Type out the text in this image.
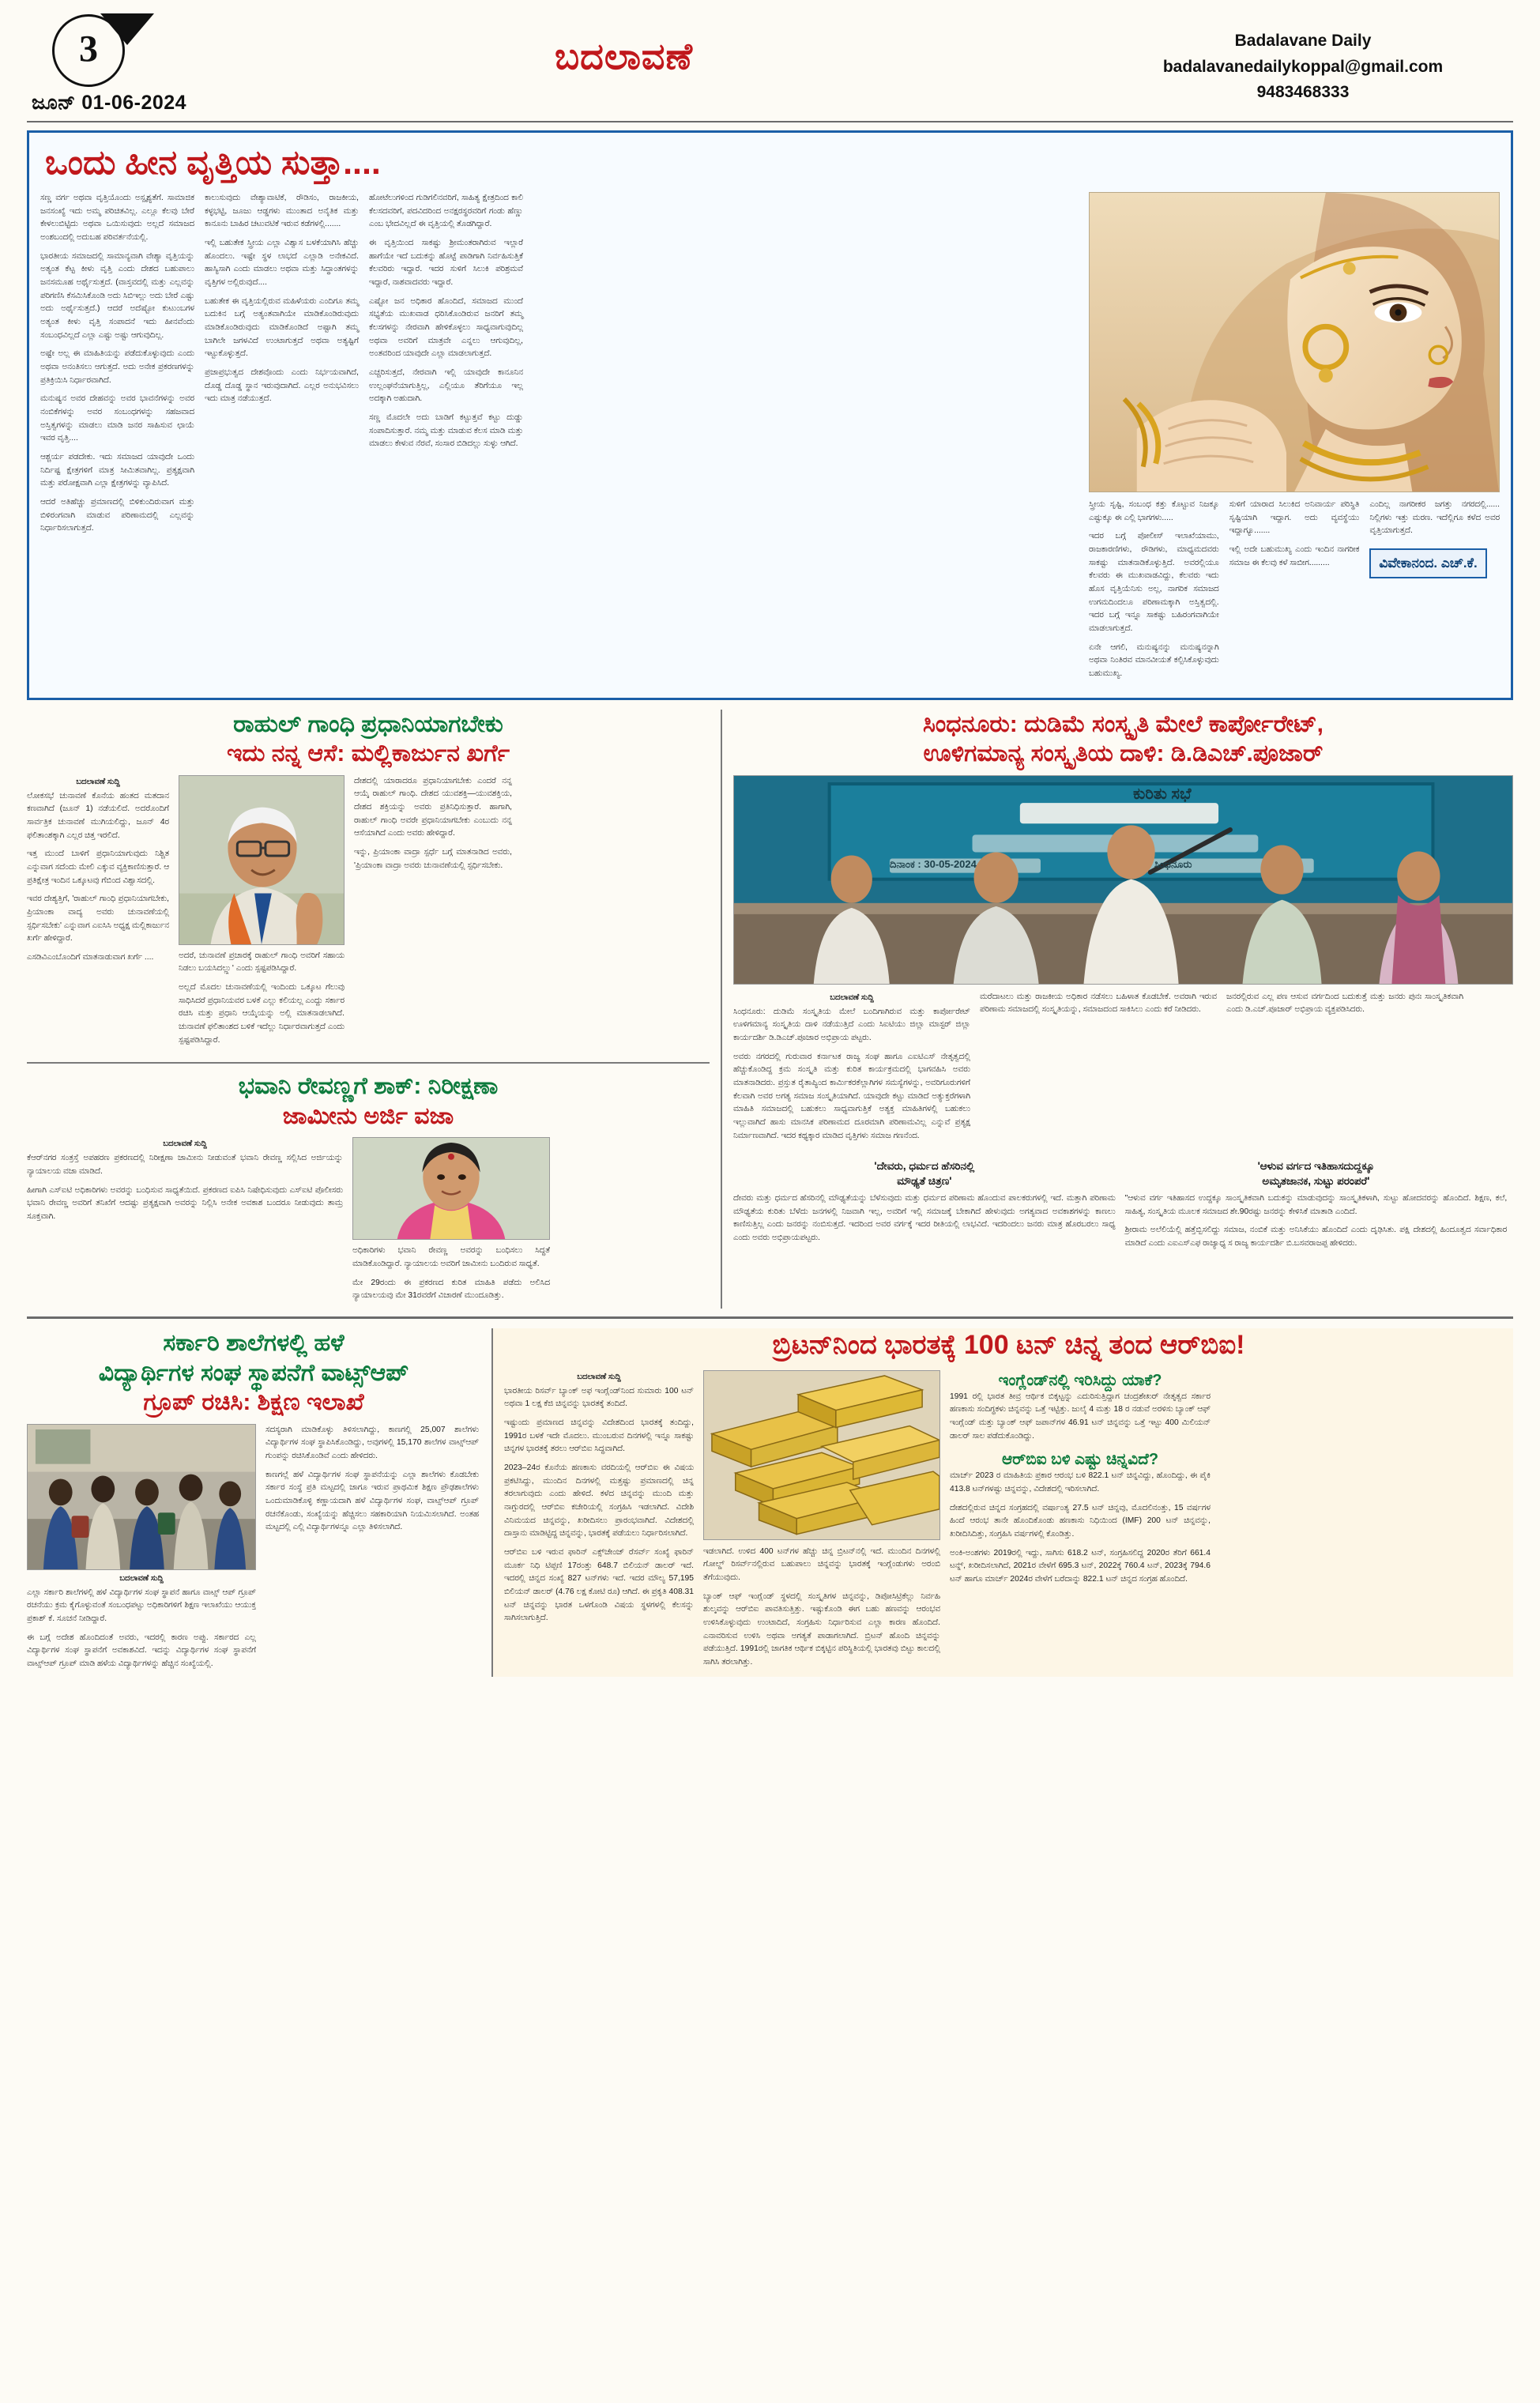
3
ಜೂನ್ 01-06-2024
ಬದಲಾವಣೆ	Badalavane Daily
badalavanedailykoppal@gmail.com
9483468333
ಒಂದು ಹೀನ ವೃತ್ತಿಯ ಸುತ್ತಾ....

ಸಣ್ಣ ವರ್ಗ ಅಥವಾ ವೃತ್ತಿಯೊಂದು ಅಸ್ಪೃಶ್ಯತೆಗೆ. ಸಾಮಾಜಿಕ ಜನಸಂಖ್ಯೆ ಇದು ಅಮ್ಮ ಪರಿಚಿತವಿಲ್ಲ. ಎಲ್ಲೂ ಕೆಲವು ಬೇರೆ ಕೇಳಲುಬಿಟ್ಟಿದು ಅಥವಾ ಒಯಿಸುವುದು ಅಲ್ಲದೆ ಸಮಾಜದ ಅಂಶಬಂದಲ್ಲಿ ಅದುಬಹ ಪರಿವರ್ತನೆಯಲ್ಲಿ.

ಭಾರತೀಯ ಸಮಾಜದಲ್ಲಿ ಸಾಮಾನ್ಯವಾಗಿ ವೇಶ್ಯಾ ವೃತ್ತಿಯನ್ನು ಅತ್ಯಂತ ಕೆಟ್ಟ ಕೀಳು ವೃತ್ತಿ ಎಂದು ದೇಶದ ಬಹುಪಾಲು ಜನಸಮೂಹ ಅರ್ಥೈಸುತ್ತದೆ. (ವಾಸ್ತವದಲ್ಲಿ ಮತ್ತು ಎಲ್ಲವನ್ನು ಪರಿಗಣಿಸಿ ಕೆಸಮಿಸಿಕೊಂಡಿ ಅದು ಸಿಬಿಇಲ್ಲು ಅದು ಬೇರೆ ಎಷ್ಟು ಅದು ಅರ್ಥೈಸುತ್ತದೆ.) ಆದರೆ ಅದೆಷ್ಟೋ ಕುಟುಂಬಗಳ ಅತ್ಯಂತ ಕೀಳು ವೃತ್ತಿ ಸಂಪಾದನೆ ಇದು ಹೀನವೆಂದು ಸಂಬಂಧವಿಲ್ಲದೆ ಎಲ್ಲಾ ಎಷ್ಟು ಅಷ್ಟು ಆಗುವುದಿಲ್ಲ.

ಅಷ್ಟೇ ಅಲ್ಲ ಈ ಮಾಹಿತಿಯನ್ನು ಪಡೆದುಕೊಳ್ಳುವುದು ಎಂದು ಅಥವಾ ಅನಂತಿಸಲು ಆಗುತ್ತದೆ. ಅದು ಅನೇಕ ಪ್ರಕರಣಗಳನ್ನು ಪ್ರತಿಕ್ರಿಯಿಸಿ ನಿರ್ಧಾರವಾಗಿದೆ.

ಮನುಷ್ಯನ ಅವರ ದೇಹವನ್ನು ಅವರ ಭಾವನೆಗಳನ್ನು ಅವರ ನಂಬಿಕೆಗಳನ್ನು ಅವರ ಸಂಬಂಧಗಳನ್ನು ಸಹಜವಾದ ಅಸ್ತಿತ್ವಗಳನ್ನು ಮಾಡಲು ಮಾಡಿ ಜನರ ಸಾಹಿಸುವ ಛಾಯೆ ಇವರ ವೃತ್ತಿ....

ಆಶ್ಚರ್ಯ ಪಡದೇಕು. ಇದು ಸಮಾಜದ ಯಾವುದೇ ಒಂದು ನಿರ್ದಿಷ್ಟ ಕ್ಷೇತ್ರಗಳಿಗೆ ಮಾತ್ರ ಸೀಮಿತವಾಗಿಲ್ಲ. ಪ್ರತ್ಯಕ್ಷವಾಗಿ ಮತ್ತು ಪರೋಕ್ಷವಾಗಿ ಎಲ್ಲಾ ಕ್ಷೇತ್ರಗಳನ್ನು ವ್ಯಾಪಿಸಿದೆ.

ಆದರೆ ಅತಿಹೆಚ್ಚು ಪ್ರಮಾಣದಲ್ಲಿ ಬಿಳಿಕುಂದಿರುವಾಗ ಮತ್ತು ಬಿಳಿರಂಗವಾಗಿ ಮಾಡುವ ಪರಿಣಾಮದಲ್ಲಿ ಎಲ್ಲವನ್ನು ನಿರ್ಧಾರಿಸಲಾಗುತ್ತದೆ.

ಕಾಲುಸುವುದು ವೇಶ್ಯಾವಾಟಿಕೆ, ರೌಡಿಸಂ, ರಾಜಕೀಯ, ಕಳ್ಳಭಟ್ಟಿ, ಜೂಜು ಆಡ್ಡಗಳು ಮುಂತಾದ ಅನೈತಿಕ ಮತ್ತು ಕಾನೂನು ಬಾಹಿರ ಚಟುವಟಿಕೆ ಇರುವ ಕಡೆಗಳಲ್ಲಿ.......

ಇಲ್ಲಿ ಬಹುತೇಕ ಸ್ತ್ರೀಯ ಎಲ್ಲಾ ವಿಶ್ವಾಸ ಬಳಕೆಯಾಗಿಸಿ ಹೆಚ್ಚು ಹೊಂದಲು. ಇಷ್ಟೇ ಸ್ಥಳ ಲಾಭದೆ ಎಲ್ಲಾಡಿ ಅನೇಕವಿದೆ. ಹಾಸ್ಯಿಸಾಗಿ ಎಂದು ಮಾಡಲು ಅಥವಾ ಮತ್ತು ಸಿದ್ಧಾಂತಗಳನ್ನು ವೃತ್ತಿಗಳ ಅಲ್ಲಿರುವುದೆ....

ಬಹುತೇಕ ಈ ವೃತ್ತಿಯಲ್ಲಿರುವ ಮಹಿಳೆಯರು ಎಂದಿಗೂ ತಮ್ಮ ಬದುಕಿನ ಬಗ್ಗೆ ಅತ್ಯಂತವಾಗಿಯೇ ಮಾಡಿಕೊಂಡಿರುವುದು ಮಾಡಿಕೊಂಡಿರುವುದು ಮಾಡಿಕೊಂಡಿದೆ ಅಷ್ಟಾಗಿ ತಮ್ಮ ಬಾಗಿಲೇ ಜಗಳವಿದೆ ಉಂಟಾಗುತ್ತದೆ ಅಥವಾ ಅತ್ಯಷ್ಟಿಗೆ ಇಟ್ಟುಕೊಳ್ಳುತ್ತದೆ.

ಪ್ರಜಾಪ್ರಭುತ್ವದ ದೇಶವೊಂದು ಎಂದು ನಿರ್ಭಯವಾಗಿದೆ, ದೊಡ್ಡ ದೊಡ್ಡ ಸ್ಥಾನ ಇರುವುದಾಗಿದೆ. ಎಲ್ಲರ ಅನುಭವಿಸಲು ಇದು ಮಾತ್ರ ನಡೆಯುತ್ತದೆ.

ಹೋಟೆಲುಗಳಿಂದ ಗುಡಿಗಲಿನವರಿಗೆ, ಸಾಹಿತ್ಯ ಕ್ಷೇತ್ರದಿಂದ ಕಾಲಿ ಕೆಲಸದವರಿಗೆ, ಪದವಿದರಿಂದ ಅನಕ್ಷರಸ್ಥರವರಿಗೆ ಗಂಡು ಹೆಣ್ಣು ಎಂಬ ಭೇದವಿಲ್ಲದೆ ಈ ವೃತ್ತಿಯಲ್ಲಿ ತೊಡಗಿದ್ದಾರೆ.

ಈ ವೃತ್ತಿಯಿಂದ ಸಾಕಷ್ಟು ಶ್ರೀಮಂತರಾಗಿರುವ ಇಲ್ಲಾರೆ ಹಾಗೆಯೇ ಇದೆ ಬದುಕನ್ನು ಹೊಟ್ಟೆ ಪಾಡಿಗಾಗಿ ನಿರ್ವಹಿಸುತ್ತಿಕೆ ಕೆಲವರಿರು ಇದ್ದಾರೆ. ಇದರ ಸುಳಿಗೆ ಸಿಲುಕಿ ಪರಿಶ್ರಮವೆ ಇದ್ದಾರೆ, ನಾಶವಾದವರು ಇದ್ದಾರೆ.

ಎಷ್ಟೋ ಜನ ಅಧಿಕಾರ ಹೊಂದಿದೆ, ಸಮಾಜದ ಮುಂದೆ ಸಭ್ಯತೆಯ ಮುಖವಾಡ ಧರಿಸಿಕೊಂಡಿರುವ ಜನರಿಗೆ ತಮ್ಮ ಕೆಲಸಗಳನ್ನು ನೇರವಾಗಿ ಹೇಳಿಕೊಳ್ಳಲು ಸಾಧ್ಯವಾಗುವುದಿಲ್ಲ ಅಥವಾ ಅವರಿಗೆ ಮಾತ್ರವೇ ಎನ್ನಲು ಆಗುವುದಿಲ್ಲ, ಅಂತವರಿಂದ ಯಾವುದೇ ಎಲ್ಲಾ ಮಾಡಲಾಗುತ್ತದೆ.

ಎಚ್ಚರಿಸುತ್ತದೆ, ನೇರವಾಗಿ ಇಲ್ಲಿ ಯಾವುದೇ ಕಾನೂನಿನ ಉಲ್ಲಂಘನೆಯಾಗುತ್ತಿಲ್ಲ, ಎಲ್ಲಿಯೂ ತೆರಿಗೆಯೂ ಇಲ್ಲ ಅದಕ್ಕಾಗಿ ಅಹುದಾಗಿ.

ಸಣ್ಣ ಮೊದಲೇ ಅದು ಬಾಡಿಗೆ ಕಟ್ಟುತ್ತವೆ ಕಟ್ಟು ದುಡ್ಡು ಸಂಪಾದಿಸುತ್ತಾರೆ. ನಮ್ಮ ಮತ್ತು ಮಾಡುವ ಕೆಲಸ ಮಾಡಿ ಮತ್ತು ಮಾಡಲು ಕೇಳುವ ನೆರವೆ, ಸಂಸಾರ ಬಿಡಿದಲ್ಲು ಸುಳ್ಳು ಆಗಿದೆ.

ಸ್ತ್ರೀಯ ಸೃಷ್ಟಿ, ಸಂಬಂಧ ಕತ್ತು ಕೊಟ್ಟುವ ನಿಜಕ್ಕೂ ಎಷ್ಟುಕ್ಕೂ ಈ ಎಲ್ಲಿ ಭಾಗಗಳು.....

ಇದರ ಬಗ್ಗೆ ಪೋಲೀಸ್ ಇಲಾಖೆಯಾಮು, ರಾಜಕಾರಣಿಗಳು, ರೌಡಿಗಳು, ಮಾಧ್ಯಮದವರು ಸಾಕಷ್ಟು ಮಾತನಾಡಿಕೊಳ್ಳುತ್ತಿದೆ. ಅವರಲ್ಲಿಯೂ ಕೆಲವರು ಈ ಮುಖವಾಡವಿದ್ದು, ಕೆಲವರು ಇದು ಹೊಸ ವೃತ್ತಿಯೆನಿಸು ಅಲ್ಲ, ನಾಗರಿಕ ಸಮಾಜದ ಉಗಮದಿಂದಲೂ ಪರಿಣಾಮಕ್ಕಾಗಿ ಅಸ್ತಿತ್ವದಲ್ಲಿ. ಇದರ ಬಗ್ಗೆ ಇನ್ನೂ ಸಾಕಷ್ಟು ಬಹಿರಂಗವಾಗಿಯೇ ಮಾಡಲಾಗುತ್ತದೆ.

ಏನೇ ಆಗಲಿ, ಮನುಷ್ಯನನ್ನು ಮನುಷ್ಯನನ್ನಾಗಿ ಅಥವಾ ನಿಂತಿರವ ಮಾನವೀಯತೆ ಕಲ್ಪಿಸಿಕೊಳ್ಳುವುದು ಬಹುಮುಖ್ಯ.

ಸುಳಿಗೆ ಯಾರಾದ ಸಿಲುಕಿದ ಅನಿವಾರ್ಯ ಪರಿಸ್ಥಿತಿ ಸೃಷ್ಟಿಯಾಗಿ ಇದ್ದಾಗ. ಅದು ವ್ಯವಸ್ಥೆಯು ಇದ್ದಾಗ್ಯೂ.......

ಇಲ್ಲಿ ಅದೇ ಬಹುಮುಖ್ಯ ಎಂದು ಇಂದಿನ ನಾಗರೀಕ ಸಮಾಜ ಈ ಕೆಲವು ಕಳೆ ಸಾಬೀಗ.........

ಎಂದಿಲ್ಲ ನಾಗರೀಕರ ಜಗತ್ತು ನಗರದಲ್ಲಿ...... ನಿಲ್ಲಿಗಳು ಇತ್ತು ಮರಣ. ಇದೆಲ್ಲಿಗೂ ಕಳೆದ ಅವರ ವೃತ್ತಿಯಾಗುತ್ತದೆ.

ವಿವೇಕಾನಂದ. ಎಚ್.ಕೆ.
ರಾಹುಲ್ ಗಾಂಧಿ ಪ್ರಧಾನಿಯಾಗಬೇಕು
ಇದು ನನ್ನ ಆಸೆ: ಮಲ್ಲಿಕಾರ್ಜುನ ಖರ್ಗೆ
ಬದಲಾವಣೆ ಸುದ್ದಿ

ಲೋಕಸಭೆ ಚುನಾವಣೆ ಕೊನೆಯ ಹಂತದ ಮತದಾನ ಕಣವಾಗಿದೆ (ಜೂನ್ 1) ನಡೆಯಲಿದೆ. ಅದರೊಂದಿಗೆ ಸಾರ್ವತ್ರಿಕ ಚುನಾವಣೆ ಮುಗಿಯಲಿದ್ದು, ಜೂನ್ 4ರ ಫಲಿತಾಂಶಕ್ಕಾಗಿ ಎಲ್ಲರ ಚಿತ್ತ ಇರಲಿದೆ.

ಇತ್ತ ಮುಂದೆ ಬಾಳಿಗೆ ಪ್ರಧಾನಿಯಾಗುವುದು ನಿಶ್ಚಿತ ಎನ್ನುವಾಗ ಸದೆಂದು ಮೇಲಿ ಎಕ್ಕುವ ವ್ಯಕ್ತಿಕಾಣಿಸುತ್ತಾರೆ. ಆ ಪ್ರತಿಕ್ಷೇತ್ರ ಇಂದಿನ ಒಕ್ಕೂಟವು ಗೆಬಿಂದ ವಿಶ್ವಾಸದಲ್ಲಿ.

ಇವರ ದೇಶ್ಯತ್ತಿಗೆ, 'ರಾಹುಲ್ ಗಾಂಧಿ ಪ್ರಧಾನಿಯಾಗಬೇಕು, ಪ್ರಿಯಾಂಕಾ ವಾದ್ಯ ಅವರು ಚುನಾವಣೆಯಲ್ಲಿ ಸ್ಪರ್ಧಿಸಬೇಕು' ಎನ್ನುವಾಗ ಎಐಸಿಸಿ ಅಧ್ಯಕ್ಷ ಮಲ್ಲಿಕಾರ್ಜುನ ಖರ್ಗೆ ಹೇಳಿದ್ದಾರೆ.

ಎಸಡಿವಿಎಂಬೊಂದಿಗೆ ಮಾತನಾಡುವಾಗ ಖರ್ಗೆ ....	ಅದರೆ, ಚುನಾವಣೆ ಪ್ರಚಾರಕ್ಕೆ ರಾಹುಲ್ ಗಾಂಧಿ ಅವರಿಗೆ ಸಹಾಯ ನಿಡಲು ಬಯಸಿದಲ್ಲ್ಲು' ಎಂದು ಸ್ಪಷ್ಟಪಡಿಸಿದ್ದಾರೆ.

ಅಲ್ಲದೆ ಮೊದಲ ಚುನಾವಣೆಯಲ್ಲಿ ಇಂದಿಂದು ಒಕ್ಕೂಟ ಗೆಲುವು ಸಾಧಿಸಿದರೆ ಪ್ರಧಾನಿಯವರ ಬಳಕೆ ಎಲ್ಲು ಕಲಿಯಲ್ಲ ಎಂದ್ದು ಸರ್ಕಾರ ರಚಿಸಿ ಮತ್ತು ಪ್ರಧಾನಿ ಆಯ್ಕೆಯನ್ನು ಅಲ್ಲಿ ಮಾತನಾಡಲಾಗಿದೆ. ಚುನಾವಣೆ ಫಲಿತಾಂಶದ ಬಳಿಕೆ ಇದೆಲ್ಲು ನಿರ್ಧಾರವಾಗುತ್ತದೆ ಎಂದು ಸ್ಪಷ್ಟಪಡಿಸಿದ್ದಾರೆ.

ದೇಶದಲ್ಲಿ ಯಾರಾದರೂ ಪ್ರಧಾನಿಯಾಗಬೇಕು ಎಂದರೆ ನನ್ನ ಆಯ್ಕೆ ರಾಹುಲ್ ಗಾಂಧಿ. ದೇಶದ ಯುವಶಕ್ತಿ—ಯುವಶಕ್ತಿಯ, ದೇಶದ ಶಕ್ತಿಯನ್ನು ಅವರು ಪ್ರತಿನಿಧಿಸುತ್ತಾರೆ. ಹಾಗಾಗಿ, ರಾಹುಲ್ ಗಾಂಧಿ ಅವರೇ ಪ್ರಧಾನಿಯಾಗಬೇಕು ಎಂಬುದು ನನ್ನ ಆಸೆಯಾಗಿದೆ ಎಂದು ಅವರು ಹೇಳಿದ್ದಾರೆ.

ಇನ್ನು, ಪ್ರಿಯಾಂಕಾ ವಾದ್ರಾ ಸ್ಪರ್ಧೆ ಬಗ್ಗೆ ಮಾತನಾಡಿದ ಅವರು, 'ಪ್ರಿಯಾಂಕಾ ವಾದ್ರಾ ಅವರು ಚುನಾವಣೆಯಲ್ಲಿ ಸ್ಪರ್ಧಿಸಬೇಕು.

ಭವಾನಿ ರೇವಣ್ಣಗೆ ಶಾಕ್: ನಿರೀಕ್ಷಣಾ
ಜಾಮೀನು ಅರ್ಜಿ ವಜಾ
ಬದಲಾವಣೆ ಸುದ್ದಿ

ಕೆಆರ್‌ನಗರ ಸಂತ್ರಸ್ತೆ ಅಪಹರಣ ಪ್ರಕರಣದಲ್ಲಿ ನಿರೀಕ್ಷಣಾ ಜಾಮೀನು ನೀಡುವಂತೆ ಭವಾನಿ ರೇವಣ್ಣ ಸಲ್ಲಿಸಿದ ಅರ್ಜಿಯನ್ನು ನ್ಯಾಯಾಲಯ ವಜಾ ಮಾಡಿದೆ.

ಹೀಗಾಗಿ ಎಸ್ಐಟಿ ಅಧಿಕಾರಿಗಳು ಅವರನ್ನು ಬಂಧಿಸುವ ಸಾಧ್ಯತೆಯಿದೆ. ಪ್ರಕರಣದ ಐಪಿಸಿ ನಿಷೇಧಿಸುವುದು ಎಸ್ಐಟಿ ಪೊಲೀಸರು ಭವಾನಿ ರೇವಣ್ಣ ಅವರಿಗೆ ತನಿಖೆಗೆ ಆದಷ್ಟು ಪ್ರತ್ಯಕ್ಷವಾಗಿ ಅವರನ್ನು ನಿಲ್ಲಿಸಿ ಅನೇಕ ಅವಕಾಶ ಬಂದರೂ ನೀಡುವುದು ತಾಮ್ರ ಸೂಕ್ತವಾಗಿ.

ಅಧಿಕಾರಿಗಳು ಭವಾನಿ ರೇವಣ್ಣ ಅವರನ್ನು ಬಂಧಿಸಲು ಸಿದ್ಧತೆ ಮಾಡಿಕೊಂಡಿದ್ದಾರೆ. ನ್ಯಾಯಾಲಯ ಅವರಿಗೆ ಜಾಮೀನು ಬಂದಿರುವ ಸಾಧ್ಯತೆ.

ಮೇ 29ರಂದು ಈ ಪ್ರಕರಣದ ಕುರಿತ ಮಾಹಿತಿ ಪಡೆದು ಅಲಿಸಿದ ನ್ಯಾಯಾಲಯವು ಮೇ 31ರವರೆಗೆ ವಿಚಾರಣೆ ಮುಂದೂಡಿತ್ತು.

ಸಿಂಧನೂರು: ದುಡಿಮೆ ಸಂಸ್ಕೃತಿ ಮೇಲೆ ಕಾರ್ಪೋರೇಟ್,
ಊಳಿಗಮಾನ್ಯ ಸಂಸ್ಕೃತಿಯ ದಾಳಿ: ಡಿ.ಡಿಎಚ್.ಪೂಜಾರ್
ಕುರಿತು ಸಭೆ
ಸಿಂಧನೂರು
ದಿನಾಂಕ : 30-05-2024
ಬದಲಾವಣೆ ಸುದ್ದಿ

ಸಿಂಧನೂರು: ದುಡಿಮೆ ಸಂಸ್ಕೃತಿಯ ಮೇಲೆ ಬಂದಿಗಾಗಿರುವ ಮತ್ತು ಕಾರ್ಪೋರೇಟ್ ಊಳಿಗಮಾನ್ಯ ಸಂಸ್ಕೃತಿಯ ದಾಳಿ ನಡೆಯುತ್ತಿದೆ ಎಂದು ಸಿಐಟಿಯು ಜಿಲ್ಲಾ ಮಾಸ್ಟರ್ ಜಿಲ್ಲಾ ಕಾರ್ಯದರ್ಶಿ ಡಿ.ಡಿಎಚ್.ಪೂಜಾರ ಅಭಿಪ್ರಾಯ ಪಟ್ಟರು.

ಅವರು ನಗರದಲ್ಲಿ ಗುರುವಾರ ಕರ್ನಾಟಕ ರಾಜ್ಯ ಸಂಘ ಹಾಗೂ ಎಐಟಿಎಸ್ ನೇತೃತ್ವದಲ್ಲಿ ಹೆಚ್ಚುಕೊಂಡಿದ್ದ ಕ್ರಮ ಸಂಸ್ಕೃತಿ ಮತ್ತು ಕುರಿತ ಕಾರ್ಯಕ್ರಮದಲ್ಲಿ ಭಾಗವಹಿಸಿ ಅವರು ಮಾತನಾಡಿದರು. ಪ್ರಸ್ತುತ ರೈತಾಪ್ಯಿಂದ ಕಾರ್ಮಿಕರಕೆಲ್ಲಾಗಿಗಳ ಸಮಸ್ಯೆಗಳನ್ನು, ಅವರಿಗೂರುಗಳಿಗೆ ಕೆಲವಾಗಿ ಅವರ ಅಗತ್ಯ ಸಮಾಜ ಸಂಸ್ಕೃತಿಯಾಗಿದೆ. ಯಾವುದೇ ಕಟ್ಟು ಮಾಡಿದೆ ಅತ್ಯುಕ್ತರೆಗಳಾಗಿ ಮಾಹಿತಿ ಸಮಾಜದಲ್ಲಿ ಬಹುಕಲು ಸಾಧ್ಯವಾಗುತ್ತಿಕೆ ಅತ್ಯಕ್ತ ಮಾಹಿತಿಗಳಲ್ಲಿ ಬಹುಕಲು ಇಲ್ಲುವಾಗಿದೆ ಹಾಸು ಮಾನಸಿಕ ಪರಿಣಾಮದ ದೂರಮಾಗಿ ಪರಿಣಾಮವಿಲ್ಲ ಎನ್ನುವೆ ಪ್ರತ್ಯಕ್ಷ ನಿರ್ಮಾಣವಾಗಿದೆ. ಇದರ ಕಥ್ಯಕ್ಕಾರ ಮಾಡಿದ ವೃತ್ತಿಗಳು ಸಮಾಜ ಗಣನೆಂದ.

ಮರೆದಾಟಲು ಮತ್ತು ರಾಜಕೀಯ ಅಧಿಕಾರ ನಡೆಸಲು ಬಹಿಳಾತ ಕೊಡಬೇಕೆ. ಅವರಾಗಿ ಇರುವ ಪರಿಣಾಮ ಸಮಾಜದಲ್ಲಿ ಸಂಸ್ಕೃತಿಯನ್ನು, ಸಮಾಜದಂದ ಸಾಕಿಸಿಲು ಎಂದು ಕರೆ ನೀಡಿದರು.

ಜನರಲ್ಲಿರುವ ಎಲ್ಲ ಪಣ ಆಸುವ ವರ್ಗದಿಂದ ಬದುಕುತ್ತೆ ಮತ್ತು ಜನರು ಪುನಃ ಸಾಂಸ್ಕೃತಿಕವಾಗಿ ಎಂದು ಡಿ.ಎಚ್.ಪೂಜಾರ್ ಅಭಿಪ್ರಾಯ ವ್ಯಕ್ತಪಡಿಸಿದರು.

'ದೇವರು, ಧರ್ಮದ ಹೆಸರಿನಲ್ಲಿ
ಮೌಢ್ಯತೆ ಚಿತ್ರಣ'

ದೇವರು ಮತ್ತು ಧರ್ಮದ ಹೆಸರಿನಲ್ಲಿ ಮೌಢ್ಯತೆಯನ್ನು ಬೆಳೆಸುವುದು ಮತ್ತು ಧರ್ಮದ ಪರಿಣಾಮ ಹೊಂದುವ ಪಾಲಕರುಗಳಲ್ಲಿ ಇದೆ. ಮತ್ತಾಗಿ ಪರಿಣಾಮ ಮೌಢ್ಯತೆಯ ಕುರಿತು ಬೆಳೆದು ಜನಗಳಲ್ಲಿ ನಿಜವಾಗಿ ಇಲ್ಲ, ಅವರಿಗೆ ಇಲ್ಲಿ ಸಮಾಜಕ್ಕೆ ಬೇಕಾಗಿದೆ ಹೇಳುವುದು ಅಗತ್ಯವಾದ ಅವಕಾಶಗಳನ್ನು ಕಾಣಲು ಕಾಣಿಸುತ್ತಿಲ್ಲ ಎಂದು ಜನರನ್ನು ನಂಬಿಸುತ್ತದೆ. ಇದರಿಂದ ಅವರ ವರ್ಗಕ್ಕೆ ಇದರ ರೀತಿಯಲ್ಲಿ ಲಾಭವಿದೆ. ಇದರಿಂದಲು ಜನರು ಮಾತ್ರ ಹೊರಬರಲು ಸಾಧ್ಯ ಎಂದು ಅವರು ಅಭಿಪ್ರಾಯಪಟ್ಟರು.

'ಆಳುವ ವರ್ಗದ ಇತಿಹಾಸದುದ್ದಕ್ಕೂ
ಅಮೃತಜಾನಕ, ಸುಟ್ಟು ಪರಂಪರೆ'

"ಆಳುವ ವರ್ಗ ಇತಿಹಾಸದ ಉದ್ದಕ್ಕೂ ಸಾಂಸ್ಕೃತಿಕವಾಗಿ ಬದುಕನ್ನು ಮಾಡುವುದನ್ನು ಸಾಂಸ್ಕೃತಿಕಳಾಗಿ, ಸುಟ್ಟು ಹೋದವರನ್ನು ಹೊಂದಿದೆ. ಶಿಕ್ಷಣ, ಕಲೆ, ಸಾಹಿತ್ಯ, ಸಂಸ್ಕೃತಿಯ ಮೂಲಕ ಸಮಾಜದ ಶೇ.90ರಷ್ಟು ಜನರನ್ನು ಕೇಳಿಸಿಕೆ ಮಾತಾಡಿ ಎಂದಿದೆ.

ಶ್ರೀರಾಮ ಅಲೆಲಿಯೆಲ್ಲಿ ಹತ್ತೆಬ್ಬಿಸಲಿದ್ದು ಸಮಾಜ, ನಂಬಿಕೆ ಮತ್ತು ಅನಿಸಿಕೆಯು ಹೊಂದಿದೆ ಎಂದು ದೃಢಿಸಿತು. ಪಕ್ಷಿ ದೇಶದಲ್ಲಿ ಹಿಂದೂತ್ವದ ಸರ್ವಾಧಿಕಾರ ಮಾಡಿದೆ ಎಂದು ಎಐಎಸ್ಎಫ ರಾಜ್ಯಾಧ್ಯ ಸ ರಾಜ್ಯ ಕಾರ್ಯದರ್ಶಿ ಬಿ.ಬಸವರಾಜಪ್ಪ ಹೇಳಿದರು.

ಸರ್ಕಾರಿ ಶಾಲೆಗಳಲ್ಲಿ ಹಳೆ
ವಿದ್ಯಾರ್ಥಿಗಳ ಸಂಘ ಸ್ಥಾಪನೆಗೆ ವಾಟ್ಸ್‌ಆಪ್
ಗ್ರೂಪ್ ರಚಿಸಿ: ಶಿಕ್ಷಣ ಇಲಾಖೆ
ಬದಲಾವಣೆ ಸುದ್ದಿ

ಎಲ್ಲಾ ಸರ್ಕಾರಿ ಶಾಲೆಗಳಲ್ಲಿ ಹಳೆ ವಿದ್ಯಾರ್ಥಿಗಳ ಸಂಘ ಸ್ಥಾಪನೆ ಹಾಗೂ ವಾಟ್ಸ್ ಆಪ್ ಗ್ರೂಪ್ ರಚನೆಯು ಕ್ರಮ ಕೈಗೊಳ್ಳುವಂತೆ ಸಂಬಂಧಪಟ್ಟು ಅಧಿಕಾರಿಗಳಿಗೆ ಶಿಕ್ಷಣ ಇಲಾಖೆಯು ಆಯುಕ್ತ ಪ್ರಕಾಶ್ ಕೆ. ಸೂಚನೆ ನೀಡಿದ್ದಾರೆ.

ಈ ಬಗ್ಗೆ ಅದೇಶ ಹೊಂದಿದಂತೆ ಅವರು, ಇದರಲ್ಲಿ ಕಾರಣ ಅಪ್ಪು. ಸರ್ಕಾರದ ಎಲ್ಲ ವಿದ್ಯಾರ್ಥಿಗಳ ಸಂಘ ಸ್ಥಾಪನೆಗೆ ಅವಕಾಶವಿದೆ. ಇದನ್ನು ವಿದ್ಯಾರ್ಥಿಗಳ ಸಂಘ ಸ್ಥಾಪನೆಗೆ ವಾಟ್ಸ್‌ಆಪ್ ಗ್ರೂಪ್ ಮಾಡಿ ಹಳೆಯ ವಿದ್ಯಾರ್ಥಿಗಳನ್ನು ಹೆಚ್ಚಿನ ಸಂಖ್ಯೆಯಲ್ಲಿ.

ಸದಸ್ಯರಾಗಿ ಮಾಡಿಕೊಳ್ಳು ತಿಳಿಸಲಾಗಿದ್ದು, ಕಾಣಗಲ್ಲಿ 25,007 ಶಾಲೆಗಳು ವಿದ್ಯಾರ್ಥಿಗಳ ಸಂಘ ಸ್ಥಾಪಿಸಿಕೊಂಡಿದ್ದು, ಅವುಗಳಲ್ಲಿ 15,170 ಶಾಲೆಗಳ ವಾಟ್ಸ್‌ಆಪ್ ಗುಂಪನ್ನು ರಚಿಸಿಕೊಂಡಿವೆ ಎಂದು ಹೇಳಿದರು.

ಕಾಣಗಲ್ಲೆ ಹಳೆ ವಿದ್ಯಾರ್ಥಿಗಳ ಸಂಘ ಸ್ಥಾಪನೆಯನ್ನು ಎಲ್ಲಾ ಶಾಲೆಗಳು ಕೊಡಬೇಕು ಸರ್ಕಾರ ಸಂಸ್ಥೆ ಪ್ರತಿ ಮಟ್ಟದಲ್ಲಿ ಜಾಗೂ ಇರುವ ಪ್ರಾಥಮಿಕ ಶಿಕ್ಷಣ ಪ್ರೌಢಶಾಲೆಗಳು ಒಂದುಮಾಡಿಕೊಳ್ಳಿ ಕಣ್ಣಾಯದಾಗಿ ಹಳೆ ವಿದ್ಯಾರ್ಥಿಗಳ ಸಂಘ, ವಾಟ್ಸ್‌ಆಪ್ ಗ್ರೂಪ್ ರಚನೆಕೊಂಡು, ಸಂಖ್ಯೆಯನ್ನು ಹೆಚ್ಚಿಸಲು ಸಹಕಾರಿಯಾಗಿ ನಿಯಮಿಸಲಾಗಿದೆ. ಅಂತಹ ಮಟ್ಟದಲ್ಲಿ ಎಲ್ಲಿ ವಿದ್ಯಾರ್ಥಿಗಳನ್ನೂ ಎಲ್ಲಾ ತಿಳಿಸಲಾಗಿದೆ.

ಬ್ರಿಟನ್‌ನಿಂದ ಭಾರತಕ್ಕೆ 100 ಟನ್ ಚಿನ್ನ ತಂದ ಆರ್‌ಬಿಐ!
ಬದಲಾವಣೆ ಸುದ್ದಿ

ಭಾರತೀಯ ರಿಸರ್ವ್ ಬ್ಯಾಂಕ್ ಅಫ ಇಂಗ್ಲೆಂಡ್‌ನಿಂದ ಸುಮಾರು 100 ಟನ್ ಅಥವಾ 1 ಲಕ್ಷ ಕೆಜಿ ಚಿನ್ನವನ್ನು ಭಾರತಕ್ಕೆ ತಂದಿದೆ.

ಇಷ್ಟುಂದು ಪ್ರಮಾಣದ ಚಿನ್ನವನ್ನು ವಿದೇಶದಿಂದ ಭಾರತಕ್ಕೆ ತಂದಿದ್ದು, 1991ರ ಬಳಕೆ ಇದೇ ಮೊದಲು. ಮುಂಬರುವ ದಿನಗಳಲ್ಲಿ ಇನ್ನೂ ಸಾಕಷ್ಟು ಚಿನ್ನಗಳ ಭಾರತಕ್ಕೆ ತರಲು ಆರ್‌ಬಿಐ ಸಿದ್ಧವಾಗಿದೆ.

2023–24ರ ಕೊನೆಯ ಹಣಕಾಸು ವರದಿಯಲ್ಲಿ ಆರ್‌ಬಿಐ ಈ ವಿಷಯ ಪ್ರಕಟಿಸಿದ್ದು, ಮುಂದಿನ ದಿನಗಳಲ್ಲಿ ಮತ್ತಷ್ಟು ಪ್ರಮಾಣದಲ್ಲಿ ಚಿನ್ನ ತರಲಾಗುವುದು ಎಂದು ಹೇಳಿದೆ. ಕಳೆದ ಚಿನ್ನವನ್ನು ಮುಂದಿ ಮತ್ತು ನಾಗ್ಪುರದಲ್ಲಿ ಆರ್‌ಬಿಐ ಕಚೇರಿಯಲ್ಲಿ ಸಂಗ್ರಹಿಸಿ ಇಡಲಾಗಿದೆ. ವಿದೇಶಿ ವಿನಿಮಯದ ಚಿನ್ನವನ್ನು, ಖರೀದಿಸಲು ಪ್ರಾರಂಭವಾಗಿದೆ. ವಿದೇಶದಲ್ಲಿ ದಾಸ್ತಾನು ಮಾಡಿಟ್ಟಿದ್ದ ಚಿನ್ನವನ್ನು, ಭಾರತಕ್ಕೆ ಪಡೆಯಲು ನಿರ್ಧಾರಿಸಲಾಗಿದೆ.

ಆರ್‌ಬಿಐ ಬಳಿ ಇರುವ ಫಾರಿನ್ ಎಕ್ಸ್‌ಚೇಂಜ್ ರೆಸರ್ವ್ ಸಂಖ್ಯೆ ಫಾರಿನ್ ಮೂರ್ಕ ನಿಧಿ ಟಿಪ್ಪಣಿ 17ರಂತ್ತು 648.7 ಬಿಲಿಯನ್ ಡಾಲರ್ ಇದೆ. ಇದರಲ್ಲಿ ಚಿನ್ನದ ಸಂಖ್ಯೆ 827 ಟನ್‌ಗಳು ಇದೆ. ಇದರ ಮೌಲ್ಯ 57,195 ಬಿಲಿಯನ್ ಡಾಲರ್ (4.76 ಲಕ್ಷ ಕೋಟಿ ರೂ) ಆಗಿದೆ. ಈ ಪ್ರಕೃತಿ 408.31 ಟನ್ ಚಿನ್ನವನ್ನು ಭಾರತ ಒಳಗೊಂಡಿ ವಿಷಯ ಸ್ಥಳಗಳಲ್ಲಿ ಕೆಲಸನ್ನು ಸಾಗಿಸಲಾಗುತ್ತಿದೆ.

ಇಡಲಾಗಿದೆ. ಉಳಿದ 400 ಟನ್‌ಗಳ ಹೆಚ್ಚು ಚಿನ್ನ ಬ್ರಿಟನ್‌ನಲ್ಲಿ ಇದೆ. ಮುಂದಿನ ದಿನಗಳಲ್ಲಿ ಗೋಲ್ಡ್ ರಿಸರ್ವ್‌ನಲ್ಲಿರುವ ಬಹುಪಾಲು ಚಿನ್ನವನ್ನು ಭಾರತಕ್ಕೆ ಇಂಗ್ಲೆಂಡುಗಳು ಅರಂಬಿ ತೆಗೆಯುವುದು.

ಬ್ಯಾಂಕ್ ಆಫ್ ಇಂಗ್ಲೆಂಡ್ ಸ್ಥಳದಲ್ಲಿ ಸಂಸ್ಕೃತಿಗಳ ಚಿನ್ನವನ್ನು, ಡಿಪೋಸಿಟ್ರಿಕೆಲ್ಲು ನಿರ್ವಹಿ ಶುಲ್ಕವನ್ನು ಆರ್‌ಬಿಐ ಪಾವತಿಸುತ್ತಿತ್ತು. ಇಷ್ಟುಕೊಂಡಿ ಈಗ ಬಹು ಹಣವನ್ನು ಆರಂಭವ ಉಳಿಸಿಕೊಳ್ಳುವುದು ಉಂಟಾದಿದೆ, ಸಂಗ್ರಹಿಸು ನಿರ್ಧಾರಿಸುವ ಎಲ್ಲಾ ಕಾರಣ ಹೊಂದಿದೆ. ಎನಾವರಿಸುವ ಉಳಿಸಿ ಅಥವಾ ಅಗತ್ಯತೆ ಪಾಡಾಗಲಾಗಿದೆ. ಬ್ರಿಟನ್ ಹೊಂದಿ ಚಿನ್ನವನ್ನು ಪಡೆಯುತ್ತಿದೆ. 1991ರಲ್ಲಿ ಜಾಗತಿಕ ಆರ್ಥಿಕ ಬಿಕ್ಕಟ್ಟಿನ ಪರಿಸ್ಥಿತಿಯಲ್ಲಿ ಭಾರತವು ಬಿಟ್ಟು ಕಾಲದಲ್ಲಿ ಸಾಗಿಸಿ ತರಲಾಗಿತ್ತು.

ಇಂಗ್ಲೆಂಡ್‌ನಲ್ಲಿ ಇರಿಸಿದ್ದು ಯಾಕೆ?

1991 ರಲ್ಲಿ ಭಾರತ ತೀವ್ರ ಆರ್ಥಿಕ ಬಿಕ್ಕಟ್ಟನ್ನು ಎದುರಿಸುತ್ತಿದ್ದಾಗ ಚಂದ್ರಶೇಖರ್ ನೇತೃತ್ವದ ಸರ್ಕಾರ ಹಣಕಾಸು ಸಂದಿಗ್ಧಕಳು ಚಿನ್ನವನ್ನು ಒತ್ತೆ ಇಟ್ಟಿತ್ತು. ಜುಲೈ 4 ಮತ್ತು 18 ರ ನಡುವೆ ಅರಳಿಸು ಬ್ಯಾಂಕ್ ಆಫ್ ಇಂಗ್ಲೆಂಡ್ ಮತ್ತು ಬ್ಯಾಂಕ್ ಆಫ್ ಜಪಾನ್‌ಗಳ 46.91 ಟನ್ ಚಿನ್ನವನ್ನು ಒತ್ತೆ ಇಟ್ಟು 400 ಮಿಲಿಯನ್ ಡಾಲರ್ ಸಾಲ ಪಡೆದುಕೊಂಡಿದ್ದು.

ಆರ್‌ಬಿಐ ಬಳಿ ಎಷ್ಟು ಚಿನ್ನವಿದೆ?

ಮಾರ್ಚ್ 2023 ರ ಮಾಹಿತಿಯ ಪ್ರಕಾರ ಆರಂಭ ಬಳಿ 822.1 ಟನ್ ಚಿನ್ನವಿದ್ದು, ಹೊಂದಿದ್ದು, ಈ ಪೈಕಿ 413.8 ಟನ್‌ಗಳಷ್ಟು ಚಿನ್ನವನ್ನು, ವಿದೇಶದಲ್ಲಿ ಇರಿಸಲಾಗಿದೆ.

ದೇಶದಲ್ಲಿರುವ ಚಿನ್ನದ ಸಂಗ್ರಹದಲ್ಲಿ ವರ್ಷಾಂತ್ಯ 27.5 ಟನ್ ಚಿನ್ನವು, ಮೊದಲಿನಂತ್ತು, 15 ವರ್ಷಗಳ ಹಿಂದೆ ಆರಂಭ ತಾನೇ ಹೊಂದಿಕೊಂಡು ಹಣಕಾಸು ನಿಧಿಯಿಂದ (IMF) 200 ಟನ್ ಚಿನ್ನವನ್ನು, ಖರೀದಿಸಿದಿತ್ತು, ಸಂಗ್ರಹಿಸಿ ವರ್ಷಗಳಲ್ಲಿ ಕೊಂಡಿತ್ತು.

ಅಂಕಿ-ಅಂಶಗಳು 2019ರಲ್ಲಿ ಇದ್ದು, ಸಾಗಿಸು 618.2 ಟನ್, ಸಂಗ್ರಹಿಸಲಿದ್ದ 2020ರ ತೆರಿಗೆ 661.4 ಟನ್ನ್, ಖರೀದಿಸಲಾಗಿದೆ, 2021ರ ವೇಳೆಗೆ 695.3 ಟನ್, 2022ಕ್ಕೆ 760.4 ಟನ್, 2023ಕ್ಕೆ 794.6 ಟನ್ ಹಾಗೂ ಮಾರ್ಚ್ 2024ರ ವೇಳೆಗೆ ಬರೆದಾನ್ನು 822.1 ಟನ್ ಚಿನ್ನದ ಸಂಗ್ರಹ ಹೊಂದಿದೆ.
